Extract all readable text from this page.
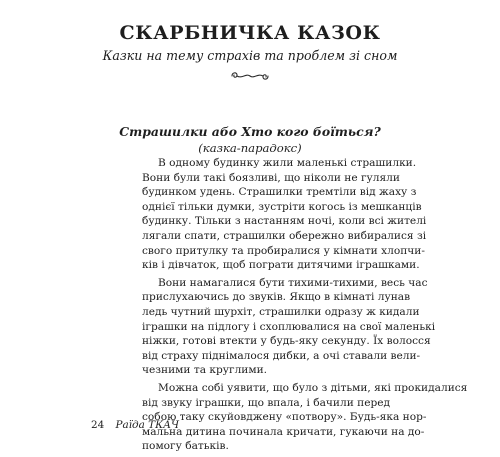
СКАРБНИЧКА КАЗОК
Казки на тему страхів та проблем зі сном
Страшилки або Хто кого боїться?
(казка-парадокс)
В одному будинку жили маленькі страшилки.
Вони були такі боязливі, що ніколи не гуляли
будинком удень. Страшилки тремтіли від жаху з
однієї тільки думки, зустріти когось із мешканців
будинку. Тільки з настанням ночі, коли всі жителі
лягали спати, страшилки обережно вибиралися зі
свого притулку та пробиралися у кімнати хлопчи-
ків і дівчаток, щоб пограти дитячими іграшками.
Вони намагалися бути тихими-тихими, весь час
прислухаючись до звуків. Якщо в кімнаті лунав
ледь чутний шурхіт, страшилки одразу ж кидали
іграшки на підлогу і схоплювалися на свої маленькі
ніжки, готові втекти у будь-яку секунду. Їх волосся
від страху піднімалося дибки, а очі ставали вели-
чезними та круглими.
Можна собі уявити, що було з дітьми, які прокидалися
від звуку іграшки, що впала, і бачили перед
собою таку скуйовджену «потвору». Будь-яка нор-
мальна дитина починала кричати, гукаючи на до-
помогу батьків.
24 Раїда ТКАЧ
